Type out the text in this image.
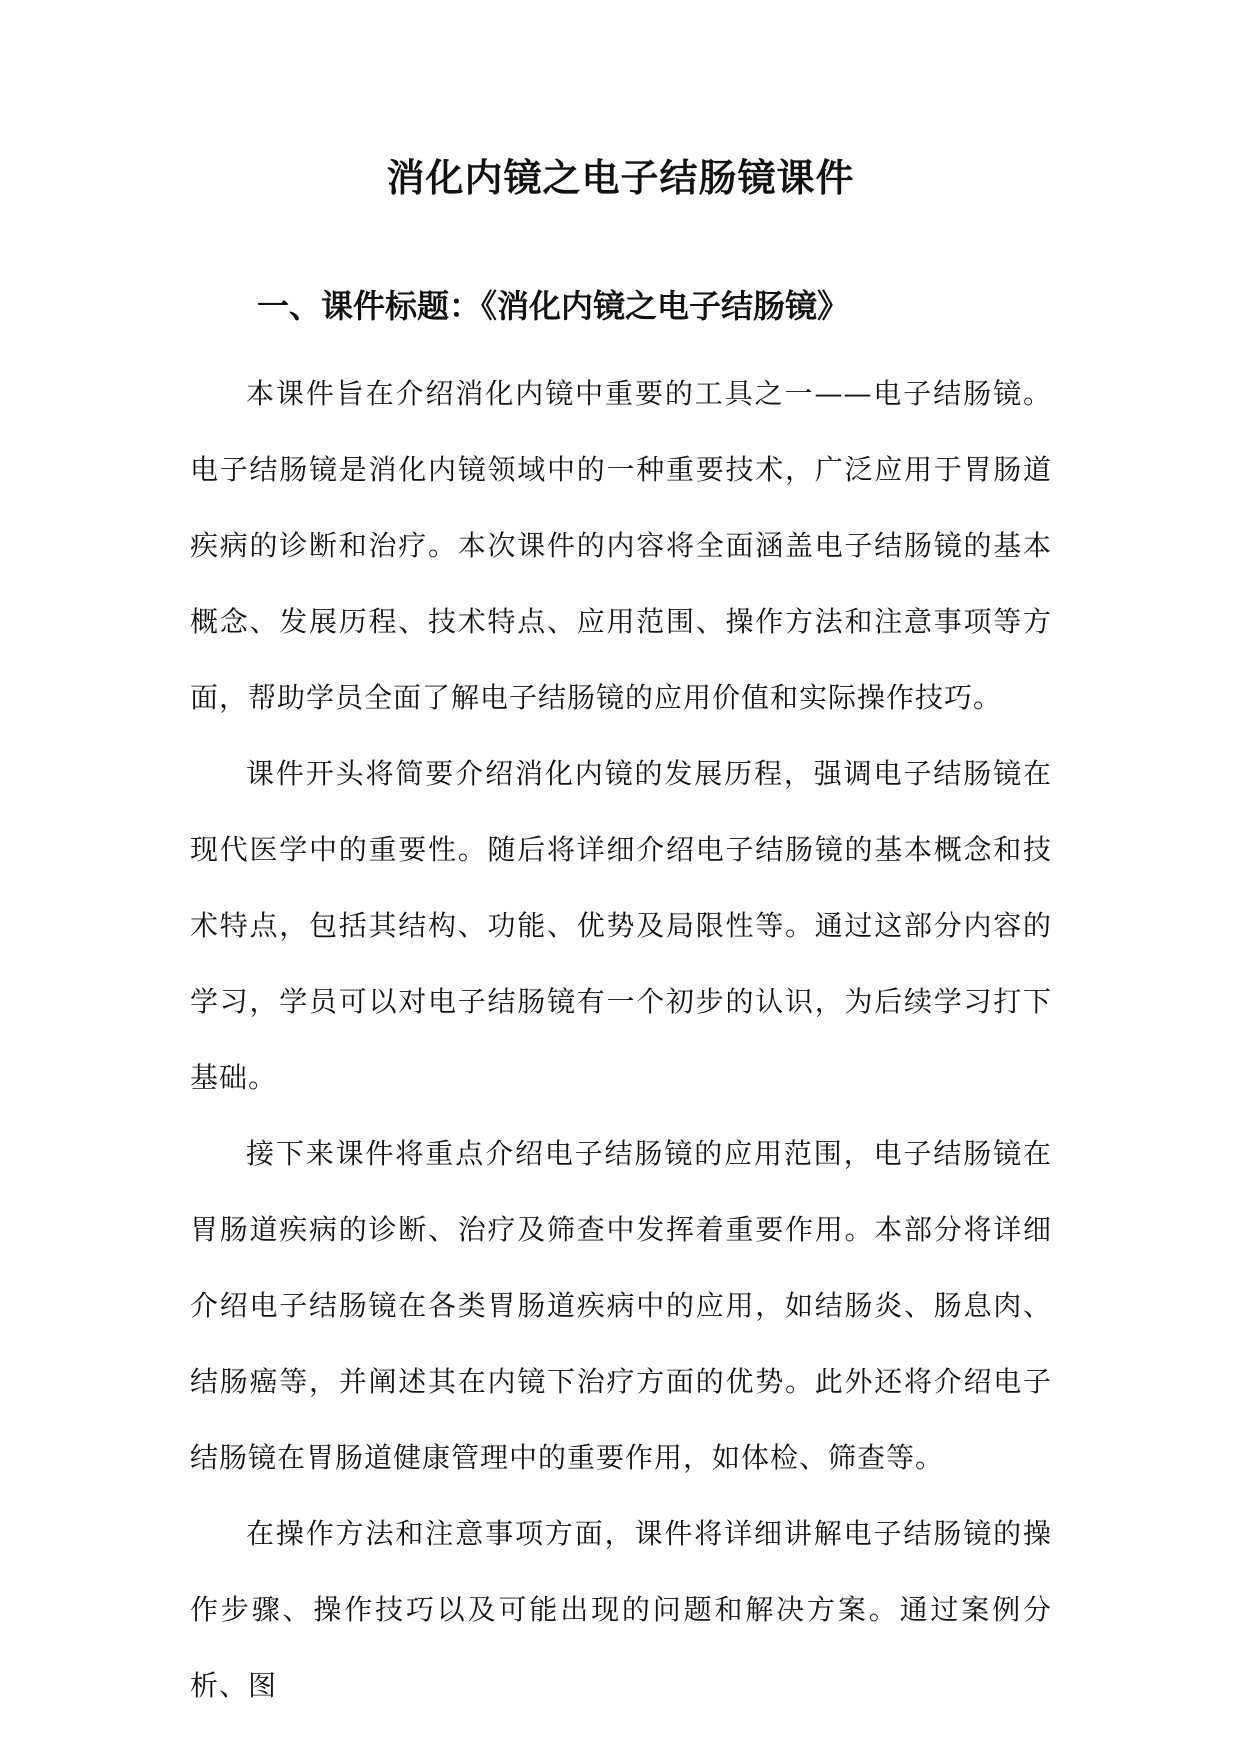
消化内镜之电子结肠镜课件
一、课件标题：《消化内镜之电子结肠镜》

本课件旨在介绍消化内镜中重要的工具之一——电子结肠镜。电子结肠镜是消化内镜领域中的一种重要技术，广泛应用于胃肠道疾病的诊断和治疗。本次课件的内容将全面涵盖电子结肠镜的基本概念、发展历程、技术特点、应用范围、操作方法和注意事项等方面，帮助学员全面了解电子结肠镜的应用价值和实际操作技巧。

课件开头将简要介绍消化内镜的发展历程，强调电子结肠镜在现代医学中的重要性。随后将详细介绍电子结肠镜的基本概念和技术特点，包括其结构、功能、优势及局限性等。通过这部分内容的学习，学员可以对电子结肠镜有一个初步的认识，为后续学习打下基础。

接下来课件将重点介绍电子结肠镜的应用范围，电子结肠镜在胃肠道疾病的诊断、治疗及筛查中发挥着重要作用。本部分将详细介绍电子结肠镜在各类胃肠道疾病中的应用，如结肠炎、肠息肉、结肠癌等，并阐述其在内镜下治疗方面的优势。此外还将介绍电子结肠镜在胃肠道健康管理中的重要作用，如体检、筛查等。

在操作方法和注意事项方面，课件将详细讲解电子结肠镜的操作步骤、操作技巧以及可能出现的问题和解决方案。通过案例分析、图
